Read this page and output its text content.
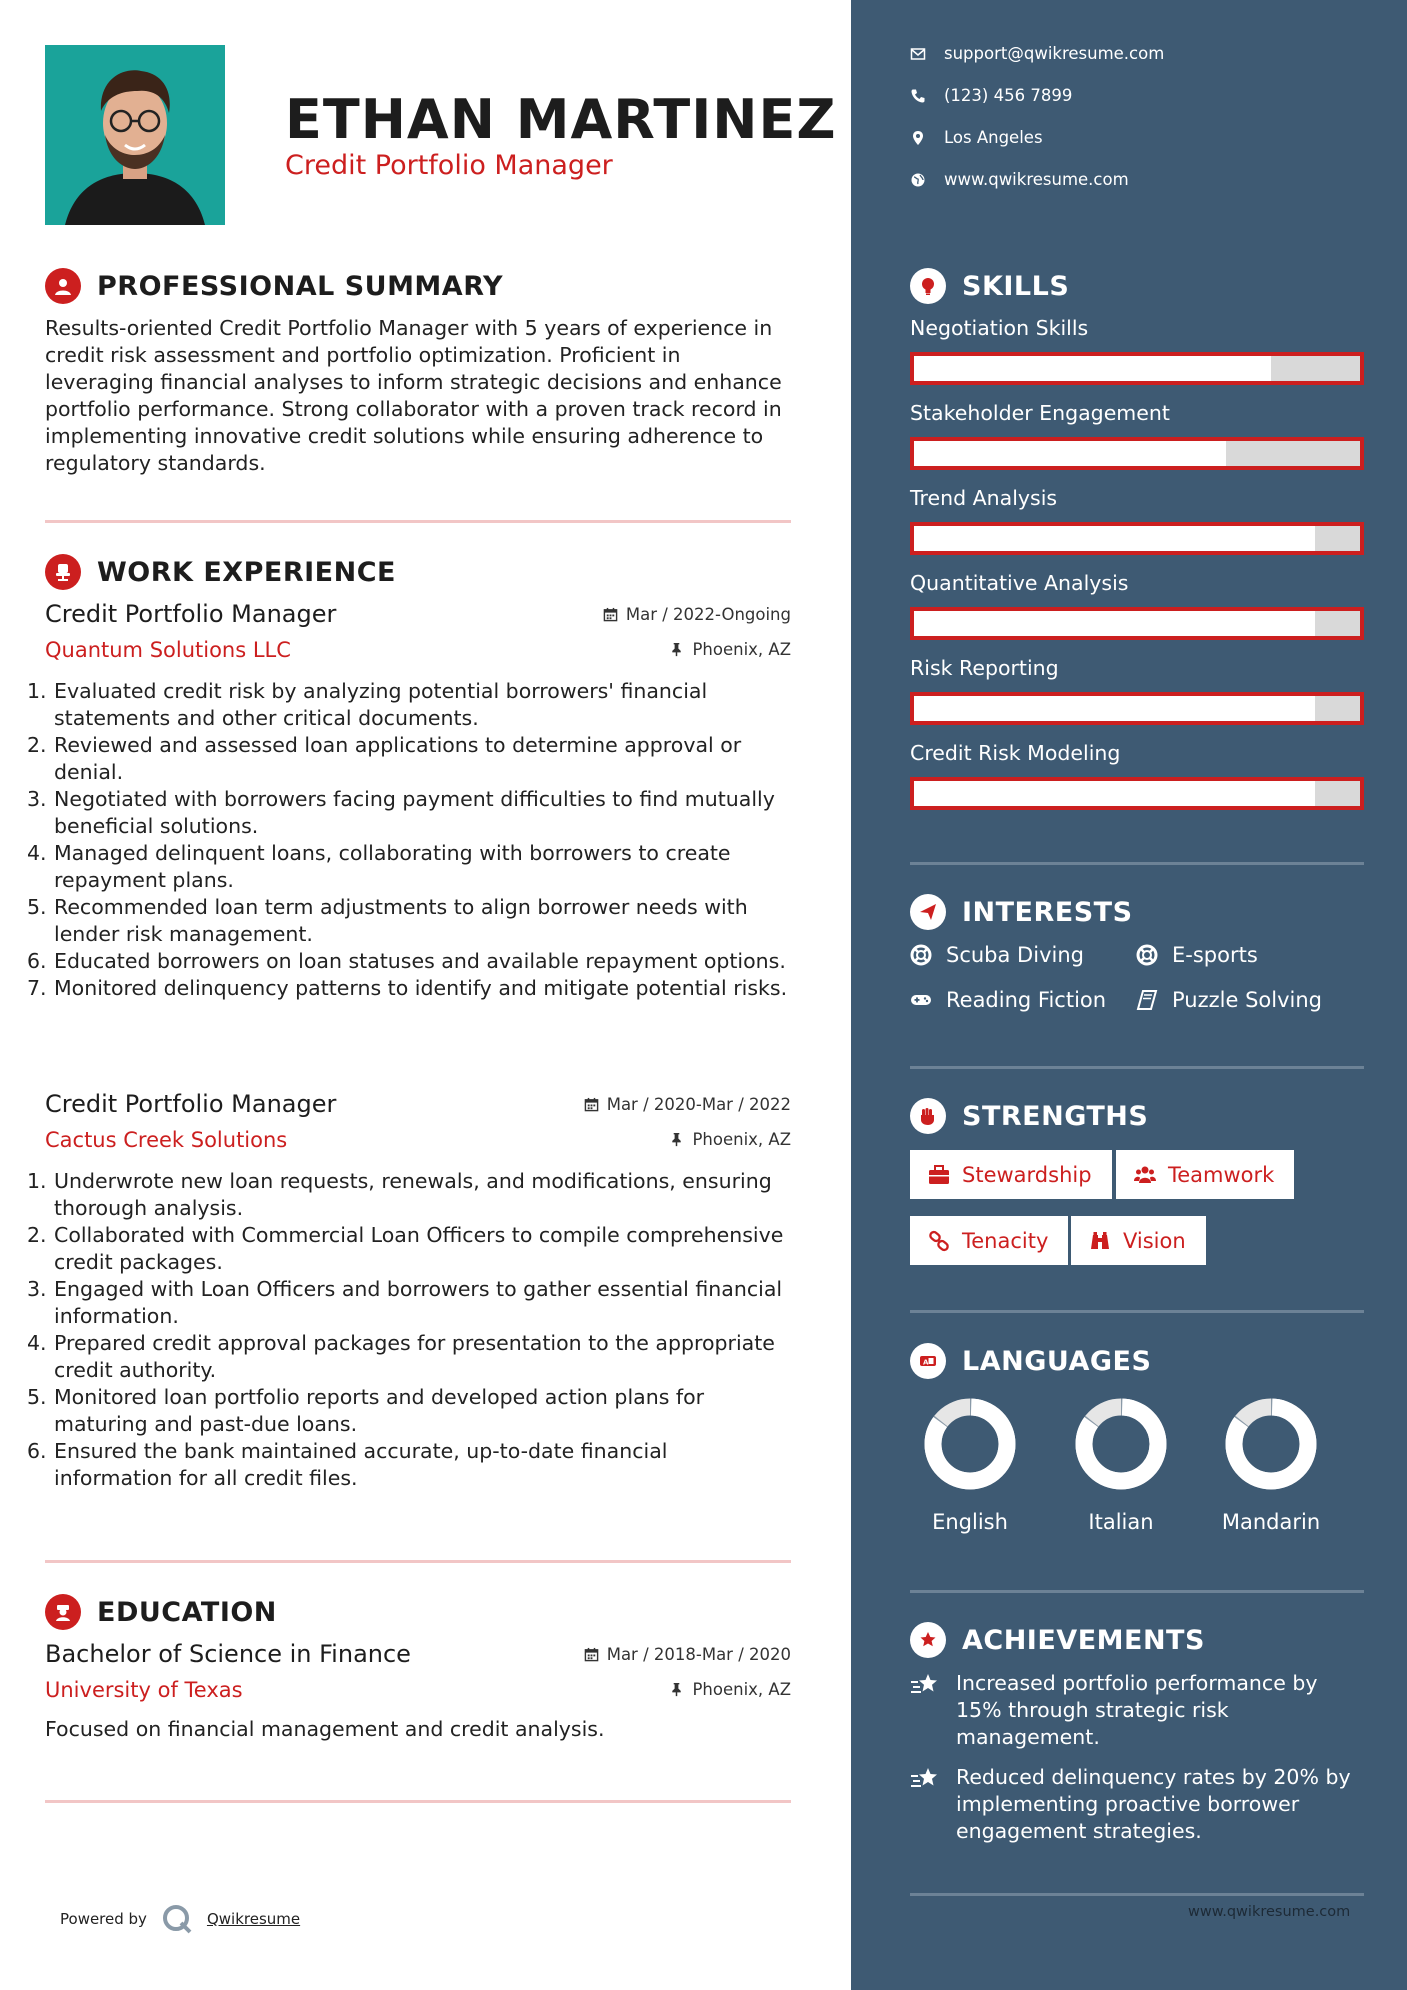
ETHAN MARTINEZ
Credit Portfolio Manager
PROFESSIONAL SUMMARY
Results-oriented Credit Portfolio Manager with 5 years of experience in credit risk assessment and portfolio optimization. Proficient in leveraging financial analyses to inform strategic decisions and enhance portfolio performance. Strong collaborator with a proven track record in implementing innovative credit solutions while ensuring adherence to regulatory standards.
WORK EXPERIENCE
Credit Portfolio Manager	Mar / 2022-Ongoing
Quantum Solutions LLC	Phoenix, AZ
1. Evaluated credit risk by analyzing potential borrowers' financial statements and other critical documents.
2. Reviewed and assessed loan applications to determine approval or denial.
3. Negotiated with borrowers facing payment difficulties to find mutually beneficial solutions.
4. Managed delinquent loans, collaborating with borrowers to create repayment plans.
5. Recommended loan term adjustments to align borrower needs with lender risk management.
6. Educated borrowers on loan statuses and available repayment options.
7. Monitored delinquency patterns to identify and mitigate potential risks.
Credit Portfolio Manager	Mar / 2020-Mar / 2022
Cactus Creek Solutions	Phoenix, AZ
1. Underwrote new loan requests, renewals, and modifications, ensuring thorough analysis.
2. Collaborated with Commercial Loan Officers to compile comprehensive credit packages.
3. Engaged with Loan Officers and borrowers to gather essential financial information.
4. Prepared credit approval packages for presentation to the appropriate credit authority.
5. Monitored loan portfolio reports and developed action plans for maturing and past-due loans.
6. Ensured the bank maintained accurate, up-to-date financial information for all credit files.
EDUCATION
Bachelor of Science in Finance	Mar / 2018-Mar / 2020
University of Texas	Phoenix, AZ
Focused on financial management and credit analysis.
Powered by	Qwikresume
support@qwikresume.com
(123) 456 7899
Los Angeles
www.qwikresume.com
SKILLS
Negotiation Skills
Stakeholder Engagement
Trend Analysis
Quantitative Analysis
Risk Reporting
Credit Risk Modeling
INTERESTS
Scuba Diving	E-sports
Reading Fiction	Puzzle Solving
STRENGTHS
Stewardship	Teamwork
Tenacity	Vision
A LANGUAGES
English	Italian	Mandarin
ACHIEVEMENTS
Increased portfolio performance by 15% through strategic risk management.
Reduced delinquency rates by 20% by implementing proactive borrower engagement strategies.
www.qwikresume.com
